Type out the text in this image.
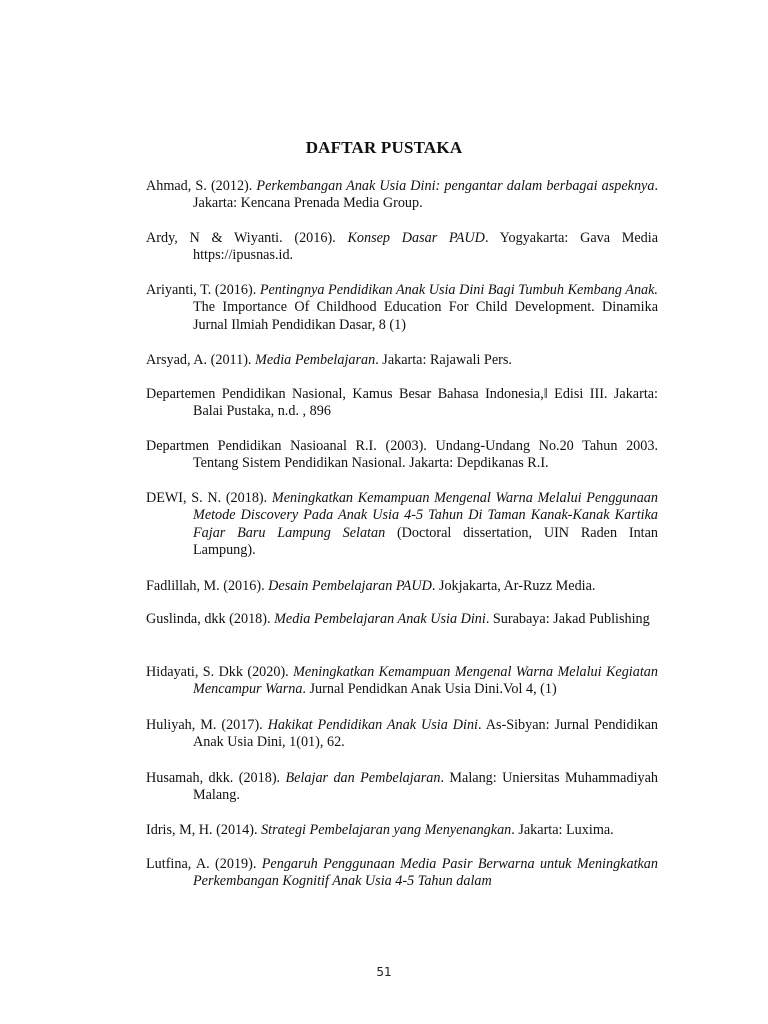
DAFTAR PUSTAKA
Ahmad, S. (2012). Perkembangan Anak Usia Dini: pengantar dalam berbagai aspeknya. Jakarta: Kencana Prenada Media Group.
Ardy, N & Wiyanti. (2016). Konsep Dasar PAUD. Yogyakarta: Gava Media https://ipusnas.id.
Ariyanti, T. (2016). Pentingnya Pendidikan Anak Usia Dini Bagi Tumbuh Kembang Anak. The Importance Of Childhood Education For Child Development. Dinamika Jurnal Ilmiah Pendidikan Dasar, 8 (1)
Arsyad, A. (2011). Media Pembelajaran. Jakarta: Rajawali Pers.
Departemen Pendidikan Nasional, Kamus Besar Bahasa Indonesia,‖ Edisi III. Jakarta: Balai Pustaka, n.d. , 896
Departmen Pendidikan Nasioanal R.I. (2003). Undang-Undang No.20 Tahun 2003. Tentang Sistem Pendidikan Nasional. Jakarta: Depdikanas R.I.
DEWI, S. N. (2018). Meningkatkan Kemampuan Mengenal Warna Melalui Penggunaan Metode Discovery Pada Anak Usia 4-5 Tahun Di Taman Kanak-Kanak Kartika Fajar Baru Lampung Selatan (Doctoral dissertation, UIN Raden Intan Lampung).
Fadlillah, M. (2016). Desain Pembelajaran PAUD. Jokjakarta, Ar-Ruzz Media.
Guslinda, dkk (2018). Media Pembelajaran Anak Usia Dini. Surabaya: Jakad Publishing
Hidayati, S. Dkk (2020). Meningkatkan Kemampuan Mengenal Warna Melalui Kegiatan Mencampur Warna. Jurnal Pendidkan Anak Usia Dini.Vol 4, (1)
Huliyah, M. (2017). Hakikat Pendidikan Anak Usia Dini. As-Sibyan: Jurnal Pendidikan Anak Usia Dini, 1(01), 62.
Husamah, dkk. (2018). Belajar dan Pembelajaran. Malang: Uniersitas Muhammadiyah Malang.
Idris, M, H. (2014). Strategi Pembelajaran yang Menyenangkan. Jakarta: Luxima.
Lutfina, A. (2019). Pengaruh Penggunaan Media Pasir Berwarna untuk Meningkatkan Perkembangan Kognitif Anak Usia 4-5 Tahun dalam
51
